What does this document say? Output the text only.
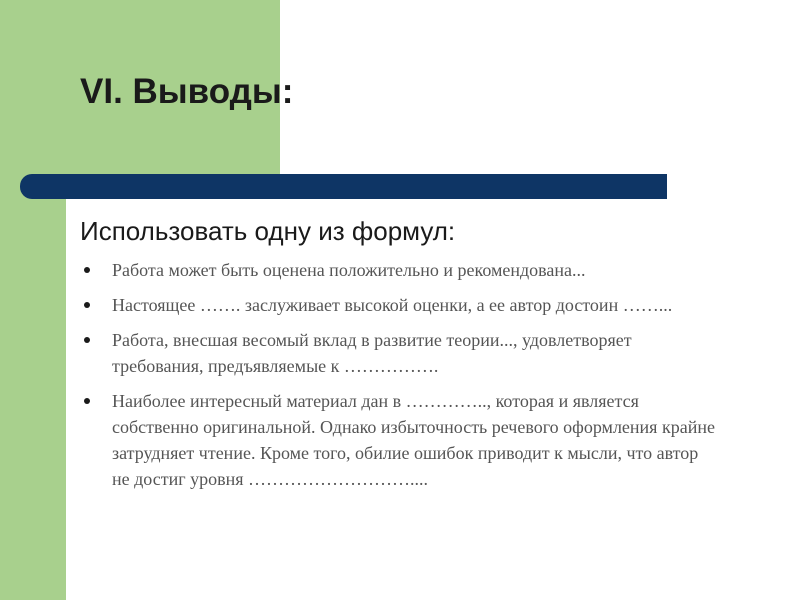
VI. Выводы:
Использовать одну из формул:
Работа может быть оценена положительно и рекомендована...
Настоящее ……. заслуживает высокой оценки, а ее автор достоин ……...
Работа, внесшая весомый вклад в развитие теории..., удовлетворяет требования, предъявляемые к …………….
Наиболее интересный материал дан в ………….., которая и является собственно оригинальной. Однако избыточность речевого оформления крайне затрудняет чтение. Кроме того, обилие ошибок приводит к мысли, что автор не достиг уровня ………………………....
